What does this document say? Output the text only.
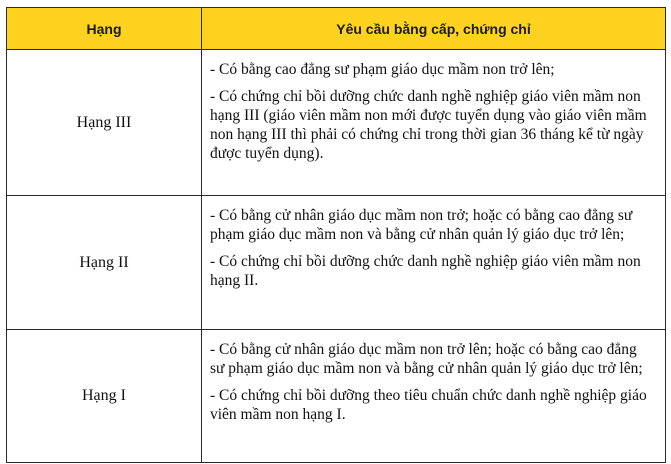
Hạng	Yêu cầu bằng cấp, chứng chỉ
Hạng III

- Có bằng cao đẳng sư phạm giáo dục mầm non trở lên;

- Có chứng chỉ bồi dưỡng chức danh nghề nghiệp giáo viên mầm non hạng III (giáo viên mầm non mới được tuyển dụng vào giáo viên mầm non hạng III thì phải có chứng chỉ trong thời gian 36 tháng kể từ ngày được tuyển dụng).

Hạng II

- Có bằng cử nhân giáo dục mầm non trở; hoặc có bằng cao đẳng sư phạm giáo dục mầm non và bằng cử nhân quản lý giáo dục trở lên;

- Có chứng chỉ bồi dưỡng chức danh nghề nghiệp giáo viên mầm non hạng II.

Hạng I

- Có bằng cử nhân giáo dục mầm non trở lên; hoặc có bằng cao đẳng sư phạm giáo dục mầm non và bằng cử nhân quản lý giáo dục trở lên;

- Có chứng chỉ bồi dưỡng theo tiêu chuẩn chức danh nghề nghiệp giáo viên mầm non hạng I.
